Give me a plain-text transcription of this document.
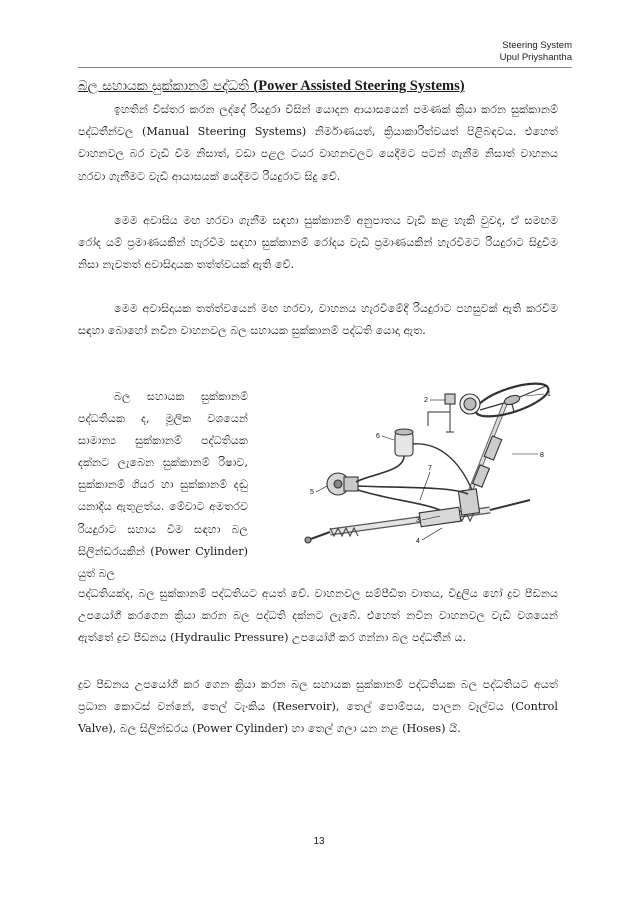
Steering System
Upul Priyshantha
බල සහායක සුක්කානම් පද්ධති (Power Assisted Steering Systems)

ඉහතින් විස්තර කරන ලද්දේ රියදුරා විසින් යොදන ආයාසයෙන් පමණක් ක්‍රියා කරන සුක්කානම් පද්ධතීන්වල (Manual Steering Systems) නිර්මාණයත්, ක්‍රියාකාරිත්වයත් පිළිබඳවය. එහෙත් වාහනවල බර වැඩි වීම නිසාත්, වඩා පළල ටයර වාහනවලට යෙදීමට පටන් ගැනීම නිසාත් වාහනය හරවා ගැනීමට වැඩි ආයාසයක් යෙදීමට රියදුරාට සිදු වේ.

මෙම අවාසිය මඟ හරවා ගැනීම සඳහා සුක්කානම් අනුපාතය වැඩි කළ හැකි වුවද, ඒ සමඟම රෝද යම් ප්‍රමාණයකින් හැරවීම සඳහා සුක්කානම් රෝදය වැඩි ප්‍රමාණයකින් හැරවීමට රියදුරාට සිදුවීම නිසා නැවතත් අවාසිදායක තත්ත්වයක් ඇති වේ.

මෙම අවාසිදායක තත්ත්වයෙන් මඟ හරවා, වාහනය හැරවීමේදී රියදුරාට පහසුවක් ඇති කරවීම සඳහා බොහෝ නවීන වාහනවල බල සහායක සුක්කානම් පද්ධති යොදා ඇත.

බල සහායක සුක්කානම් පද්ධතියක ද, මූලික වශයෙන් සාමාන්‍ය සුක්කානම් පද්ධතියක දක්නට ලැබෙන සුක්කානම් රිෂාව, සුක්කානම් ගියර හා සුක්කානම් දඬු යනාදිය ඇතුළත්ය. මේවාට අමතරව රියදුරාට සහාය වීම සඳහා බල සිලින්ඩරයකින් (Power Cylinder) යුත් බල

1
2
3
4
5
6
7
8

පද්ධතියක්ද, බල සුක්කානම් පද්ධතියට අයත් වේ. වාහනවල සම්පීඩිත වාතය, විදුලිය හෝ ද්‍රව පීඩනය උපයෝගී කරගෙන ක්‍රියා කරන බල පද්ධති දක්නට ලැබේ. එහෙත් නවීන වාහනවල වැඩි වශයෙන් ඇත්තේ ද්‍රව පීඩනය (Hydraulic Pressure) උපයෝගී කර ගන්නා බල පද්ධතීන් ය.

ද්‍රව පීඩනය උපයෝගී කර ගෙන ක්‍රියා කරන බල සහායක සුක්කානම් පද්ධතියක බල පද්ධතියට අයත් ප්‍රධාන කොටස් වන්නේ, තෙල් ටැංකිය (Reservoir), තෙල් පොම්පය, පාලන වෑල්වය (Control Valve), බල සිලින්ඩරය (Power Cylinder) හා තෙල් ගලා යන නළ (Hoses) යි.

13
